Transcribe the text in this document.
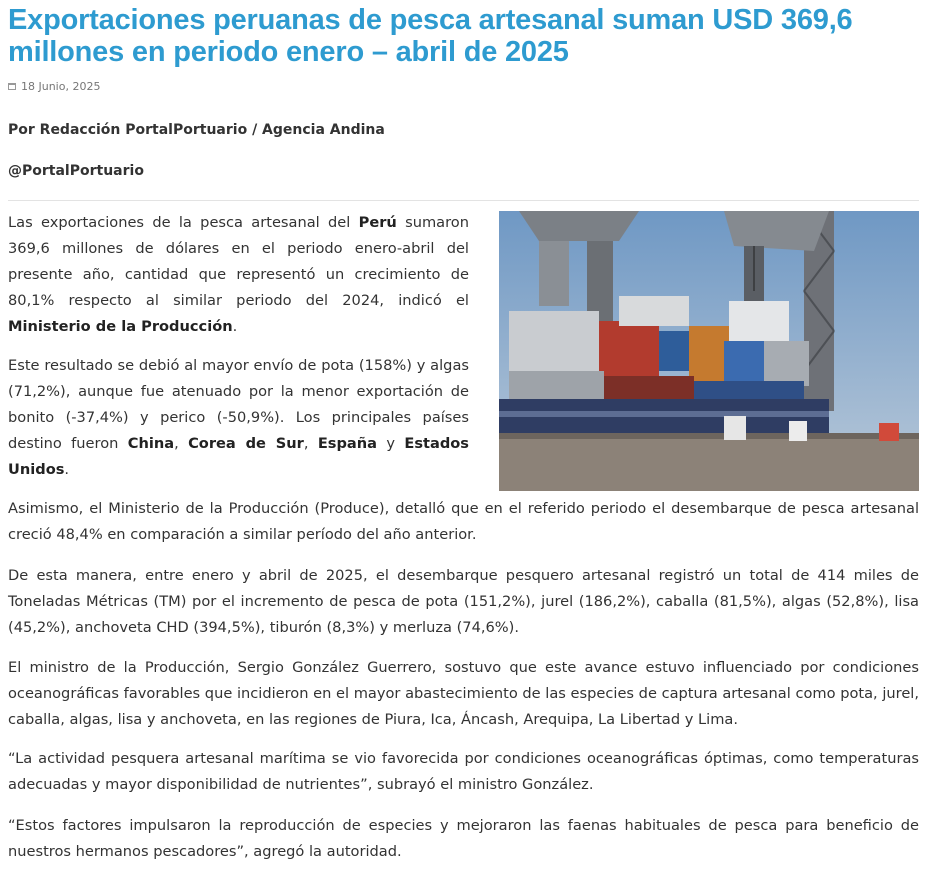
Exportaciones peruanas de pesca artesanal suman USD 369,6 millones en periodo enero – abril de 2025
18 Junio, 2025
Por Redacción PortalPortuario / Agencia Andina
@PortalPortuario

Las exportaciones de la pesca artesanal del Perú sumaron 369,6 millones de dólares en el periodo enero-abril del presente año, cantidad que representó un crecimiento de 80,1% respecto al similar periodo del 2024, indicó el Ministerio de la Producción.

Este resultado se debió al mayor envío de pota (158%) y algas (71,2%), aunque fue atenuado por la menor exportación de bonito (-37,4%) y perico (-50,9%). Los principales países destino fueron China, Corea de Sur, España y Estados Unidos.

Asimismo, el Ministerio de la Producción (Produce), detalló que en el referido periodo el desembarque de pesca artesanal creció 48,4% en comparación a similar período del año anterior.

De esta manera, entre enero y abril de 2025, el desembarque pesquero artesanal registró un total de 414 miles de Toneladas Métricas (TM) por el incremento de pesca de pota (151,2%), jurel (186,2%), caballa (81,5%), algas (52,8%), lisa (45,2%), anchoveta CHD (394,5%), tiburón (8,3%) y merluza (74,6%).

El ministro de la Producción, Sergio González Guerrero, sostuvo que este avance estuvo influenciado por condiciones oceanográficas favorables que incidieron en el mayor abastecimiento de las especies de captura artesanal como pota, jurel, caballa, algas, lisa y anchoveta, en las regiones de Piura, Ica, Áncash, Arequipa, La Libertad y Lima.

“La actividad pesquera artesanal marítima se vio favorecida por condiciones oceanográficas óptimas, como temperaturas adecuadas y mayor disponibilidad de nutrientes”, subrayó el ministro González.

“Estos factores impulsaron la reproducción de especies y mejoraron las faenas habituales de pesca para beneficio de nuestros hermanos pescadores”, agregó la autoridad.
